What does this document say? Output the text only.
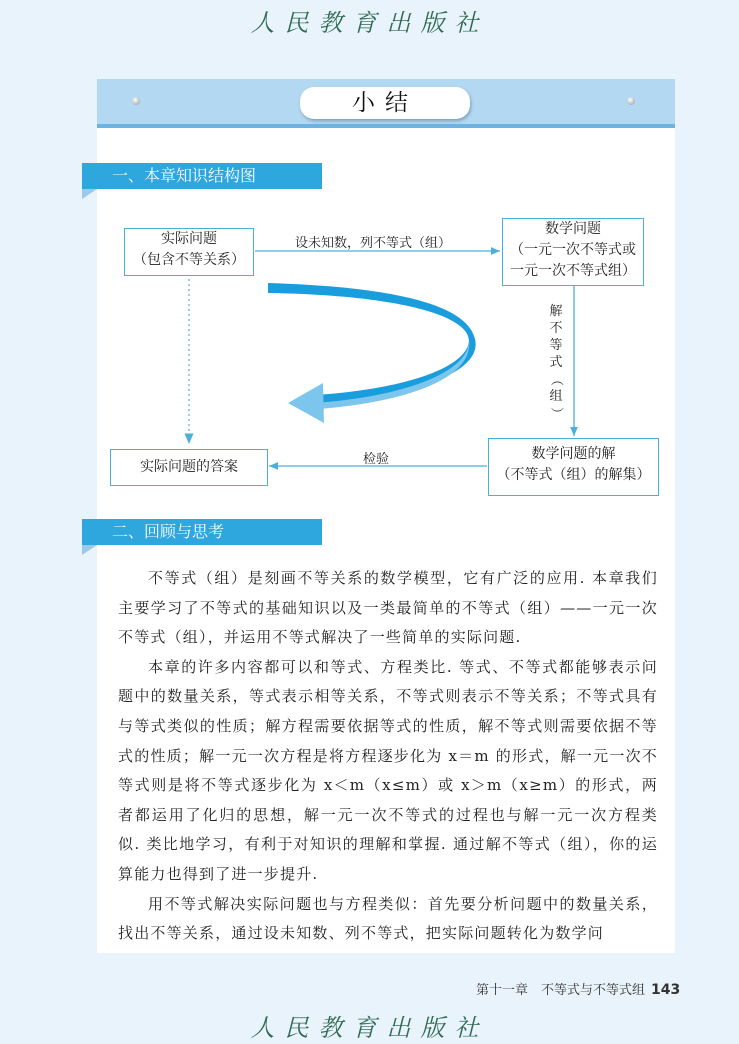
人民教育出版社
小结
一、本章知识结构图
实际问题
（包含不等关系）
设未知数，列不等式（组）
数学问题
（一元一次不等式或
一元一次不等式组）
解
不
等
式
（
组
）
实际问题的答案	检验	数学问题的解
（不等式（组）的解集）
二、回顾与思考

不等式（组）是刻画不等关系的数学模型，它有广泛的应用. 本章我们主要学习了不等式的基础知识以及一类最简单的不等式（组）——一元一次不等式（组），并运用不等式解决了一些简单的实际问题.

本章的许多内容都可以和等式、方程类比. 等式、不等式都能够表示问题中的数量关系，等式表示相等关系，不等式则表示不等关系；不等式具有与等式类似的性质；解方程需要依据等式的性质，解不等式则需要依据不等式的性质；解一元一次方程是将方程逐步化为 x＝m 的形式，解一元一次不等式则是将不等式逐步化为 x＜m（x≤m）或 x＞m（x≥m）的形式，两者都运用了化归的思想，解一元一次不等式的过程也与解一元一次方程类似. 类比地学习，有利于对知识的理解和掌握. 通过解不等式（组），你的运算能力也得到了进一步提升.

用不等式解决实际问题也与方程类似：首先要分析问题中的数量关系，找出不等关系，通过设未知数、列不等式，把实际问题转化为数学问

第十一章　不等式与不等式组 143
人民教育出版社
